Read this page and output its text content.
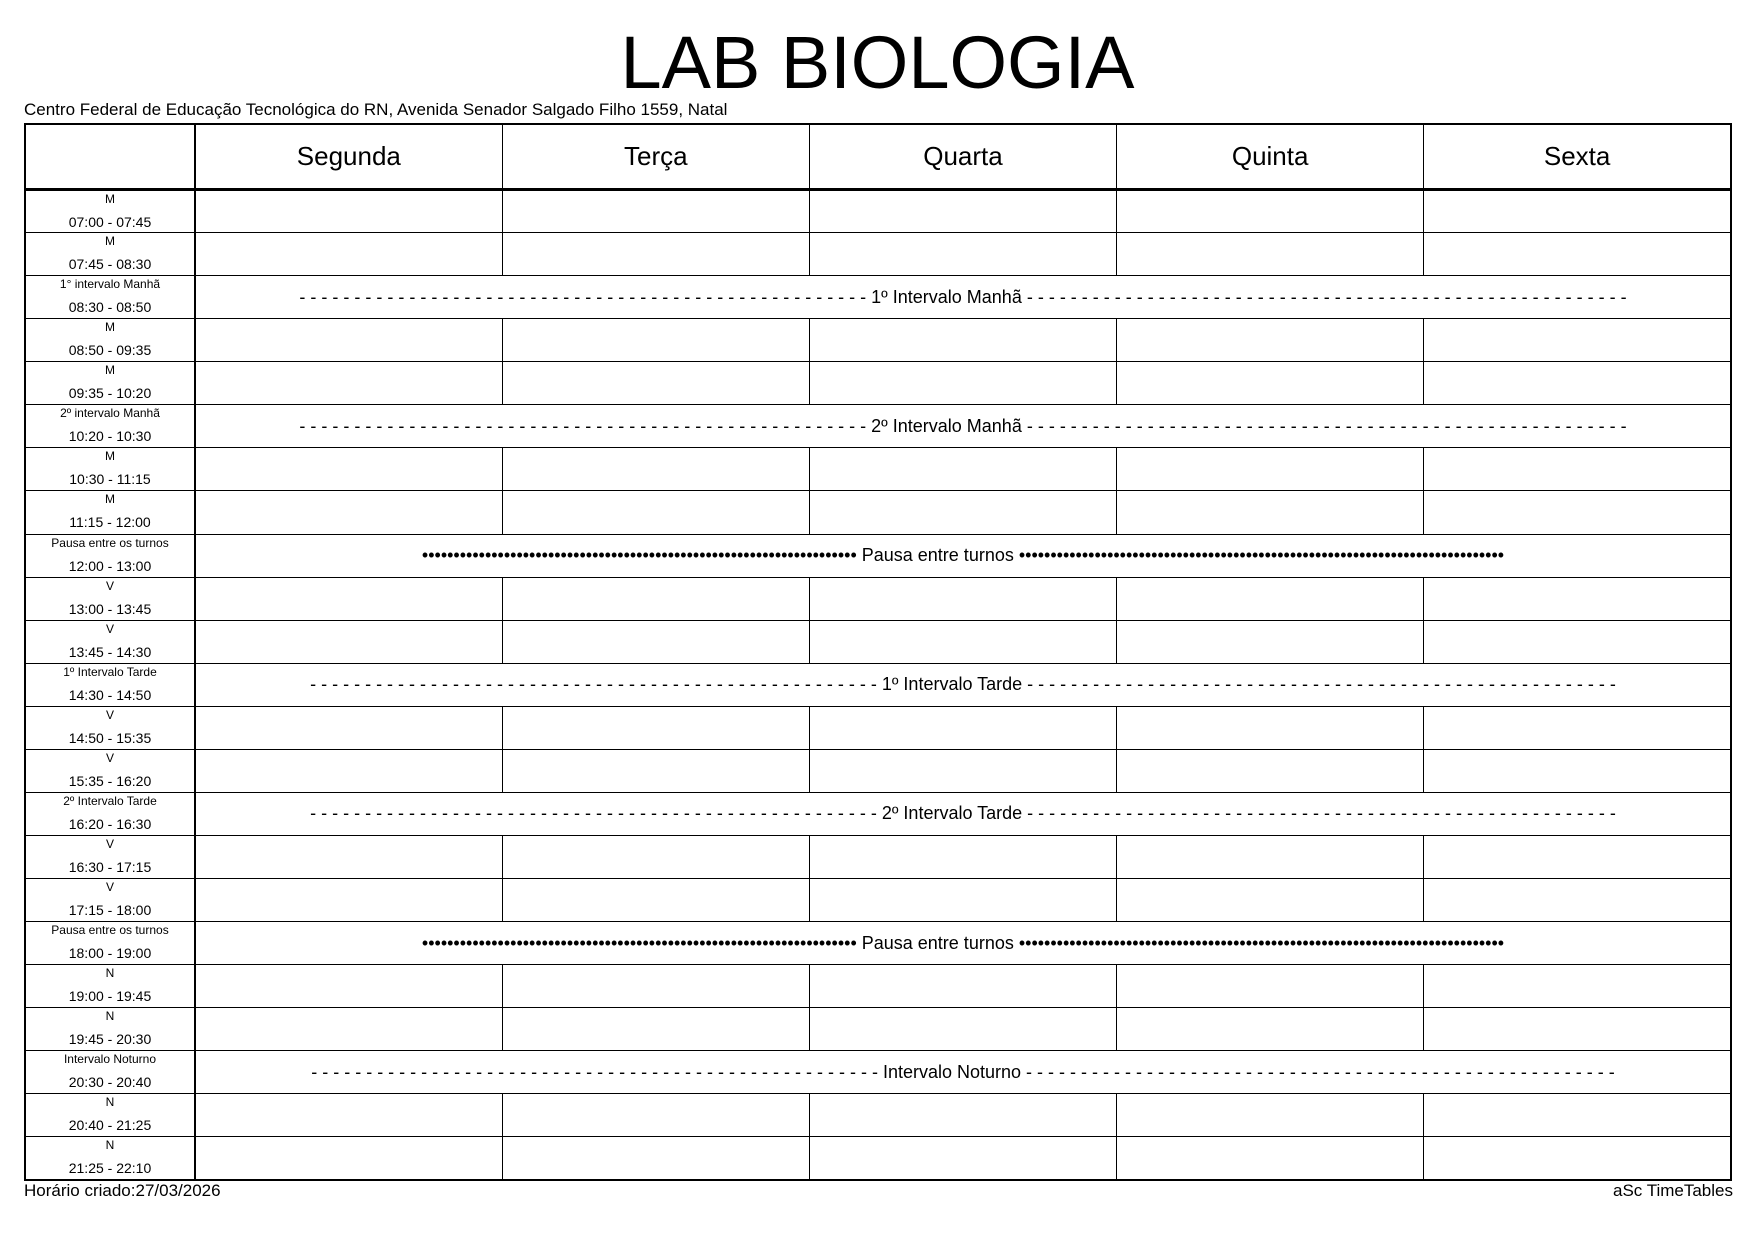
LAB BIOLOGIA
Centro Federal de Educação Tecnológica do RN, Avenida Senador Salgado Filho 1559, Natal
	Segunda	Terça	Quarta	Quinta	Sexta

M
07:00 - 07:45					

M
07:45 - 08:30					

1° intervalo Manhã
08:30 - 08:50	- - - - - - - - - - - - - - - - - - - - - - - - - - - - - - - - - - - - - - - - - - - - - - - - - - - - 1º Intervalo Manhã - - - - - - - - - - - - - - - - - - - - - - - - - - - - - - - - - - - - - - - - - - - - - - - - - - - - - - -				

M
08:50 - 09:35					

M
09:35 - 10:20					

2º intervalo Manhã
10:20 - 10:30	- - - - - - - - - - - - - - - - - - - - - - - - - - - - - - - - - - - - - - - - - - - - - - - - - - - - 2º Intervalo Manhã - - - - - - - - - - - - - - - - - - - - - - - - - - - - - - - - - - - - - - - - - - - - - - - - - - - - - - -				

M
10:30 - 11:15					

M
11:15 - 12:00					

Pausa entre os turnos
12:00 - 13:00	••••••••••••••••••••••••••••••••••••••••••••••••••••••••••••••••••••• Pausa entre turnos •••••••••••••••••••••••••••••••••••••••••••••••••••••••••••••••••••••••••••••				

V
13:00 - 13:45					

V
13:45 - 14:30					

1º Intervalo Tarde
14:30 - 14:50	- - - - - - - - - - - - - - - - - - - - - - - - - - - - - - - - - - - - - - - - - - - - - - - - - - - - 1º Intervalo Tarde - - - - - - - - - - - - - - - - - - - - - - - - - - - - - - - - - - - - - - - - - - - - - - - - - - - - - -				

V
14:50 - 15:35					

V
15:35 - 16:20					

2º Intervalo Tarde
16:20 - 16:30	- - - - - - - - - - - - - - - - - - - - - - - - - - - - - - - - - - - - - - - - - - - - - - - - - - - - 2º Intervalo Tarde - - - - - - - - - - - - - - - - - - - - - - - - - - - - - - - - - - - - - - - - - - - - - - - - - - - - - -				

V
16:30 - 17:15					

V
17:15 - 18:00					

Pausa entre os turnos
18:00 - 19:00	••••••••••••••••••••••••••••••••••••••••••••••••••••••••••••••••••••• Pausa entre turnos •••••••••••••••••••••••••••••••••••••••••••••••••••••••••••••••••••••••••••••				

N
19:00 - 19:45					

N
19:45 - 20:30					

Intervalo Noturno
20:30 - 20:40	- - - - - - - - - - - - - - - - - - - - - - - - - - - - - - - - - - - - - - - - - - - - - - - - - - - - Intervalo Noturno - - - - - - - - - - - - - - - - - - - - - - - - - - - - - - - - - - - - - - - - - - - - - - - - - - - - - -				

N
20:40 - 21:25					

N
21:25 - 22:10					

Horário criado:27/03/2026	aSc TimeTables
